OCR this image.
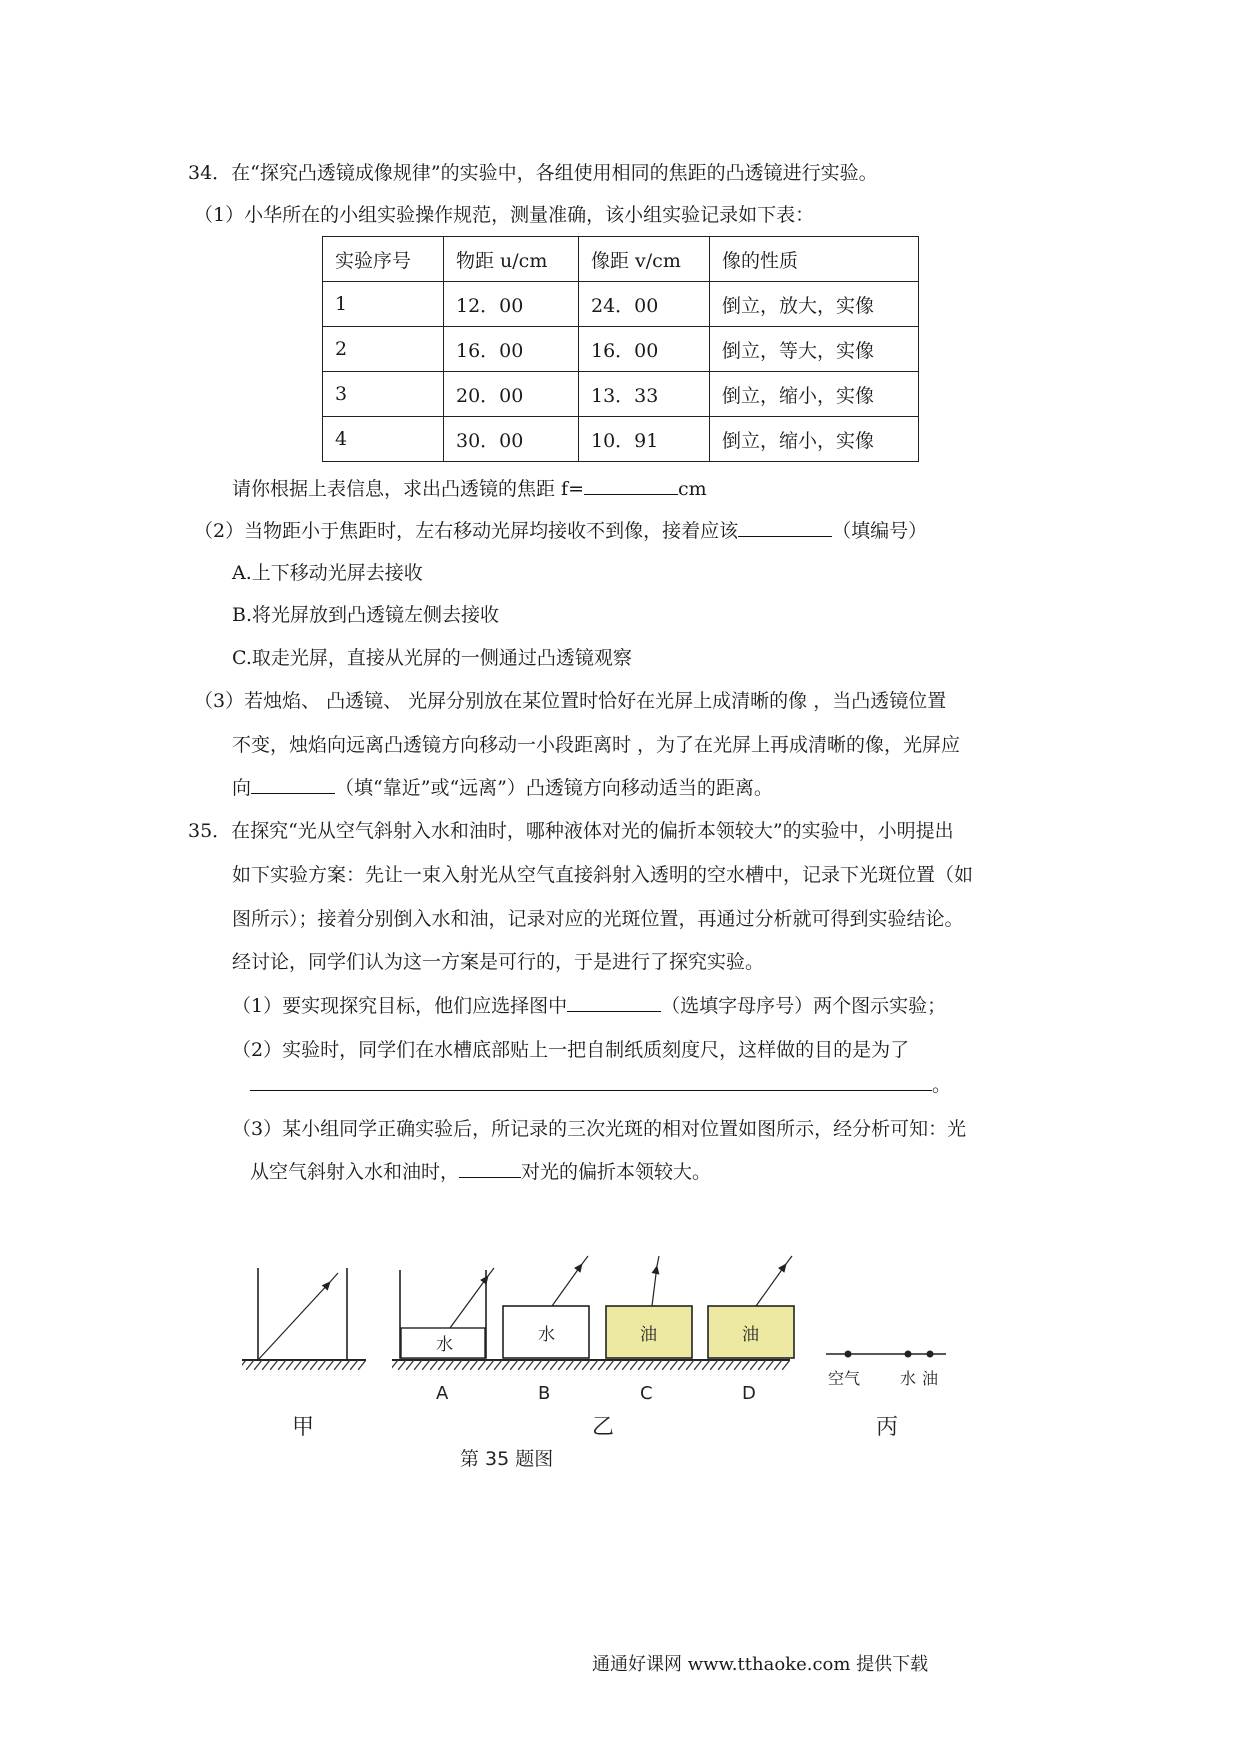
34．在“探究凸透镜成像规律”的实验中，各组使用相同的焦距的凸透镜进行实验。
（1）小华所在的小组实验操作规范，测量准确，该小组实验记录如下表：
实验序号	物距 u/cm	像距 v/cm	像的性质
1	12．00	24．00	倒立，放大，实像
2	16．00	16．00	倒立，等大，实像
3	20．00	13．33	倒立，缩小，实像
4	30．00	10．91	倒立，缩小，实像
请你根据上表信息，求出凸透镜的焦距 f=	cm
（2）当物距小于焦距时，左右移动光屏均接收不到像，接着应该	（填编号）
A.上下移动光屏去接收
B.将光屏放到凸透镜左侧去接收
C.取走光屏，直接从光屏的一侧通过凸透镜观察
（3）若烛焰、 凸透镜、 光屏分别放在某位置时恰好在光屏上成清晰的像 ，当凸透镜位置
不变，烛焰向远离凸透镜方向移动一小段距离时 ，为了在光屏上再成清晰的像，光屏应
向	（填“靠近”或“远离”）凸透镜方向移动适当的距离。
35．在探究“光从空气斜射入水和油时，哪种液体对光的偏折本领较大”的实验中，小明提出
如下实验方案：先让一束入射光从空气直接斜射入透明的空水槽中，记录下光斑位置（如
图所示）；接着分别倒入水和油，记录对应的光斑位置，再通过分析就可得到实验结论。
经讨论，同学们认为这一方案是可行的，于是进行了探究实验。
（1）要实现探究目标，他们应选择图中	（选填字母序号）两个图示实验；
（2）实验时，同学们在水槽底部贴上一把自制纸质刻度尺，这样做的目的是为了
。
（3）某小组同学正确实验后，所记录的三次光斑的相对位置如图所示，经分析可知：光
从空气斜射入水和油时，	对光的偏折本领较大。
甲
水
A
水
B
油
C
油
D
乙
空气 水 油
丙
第 35 题图
通通好课网 www.tthaoke.com 提供下载
